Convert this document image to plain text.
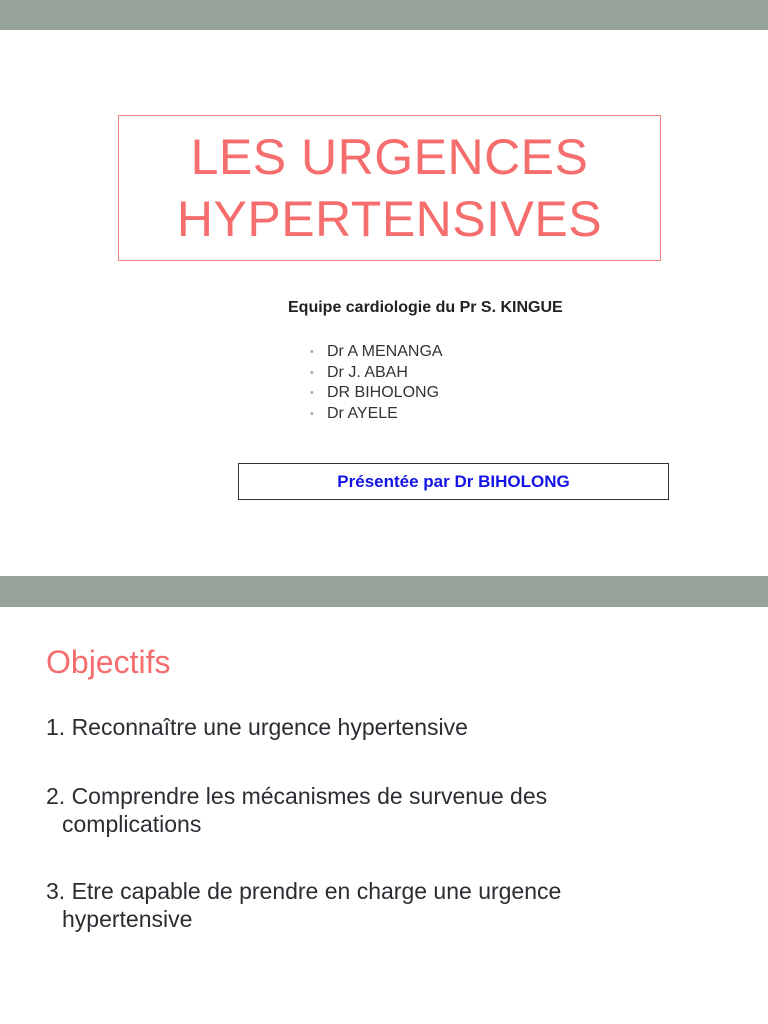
LES URGENCES
HYPERTENSIVES
Equipe cardiologie du Pr S. KINGUE
• Dr A MENANGA
• Dr J. ABAH
• DR BIHOLONG
• Dr AYELE
Présentée par Dr BIHOLONG
Objectifs
1. Reconnaître une urgence hypertensive
2. Comprendre les mécanismes de survenue des
complications
3. Etre capable de prendre en charge une urgence
hypertensive
